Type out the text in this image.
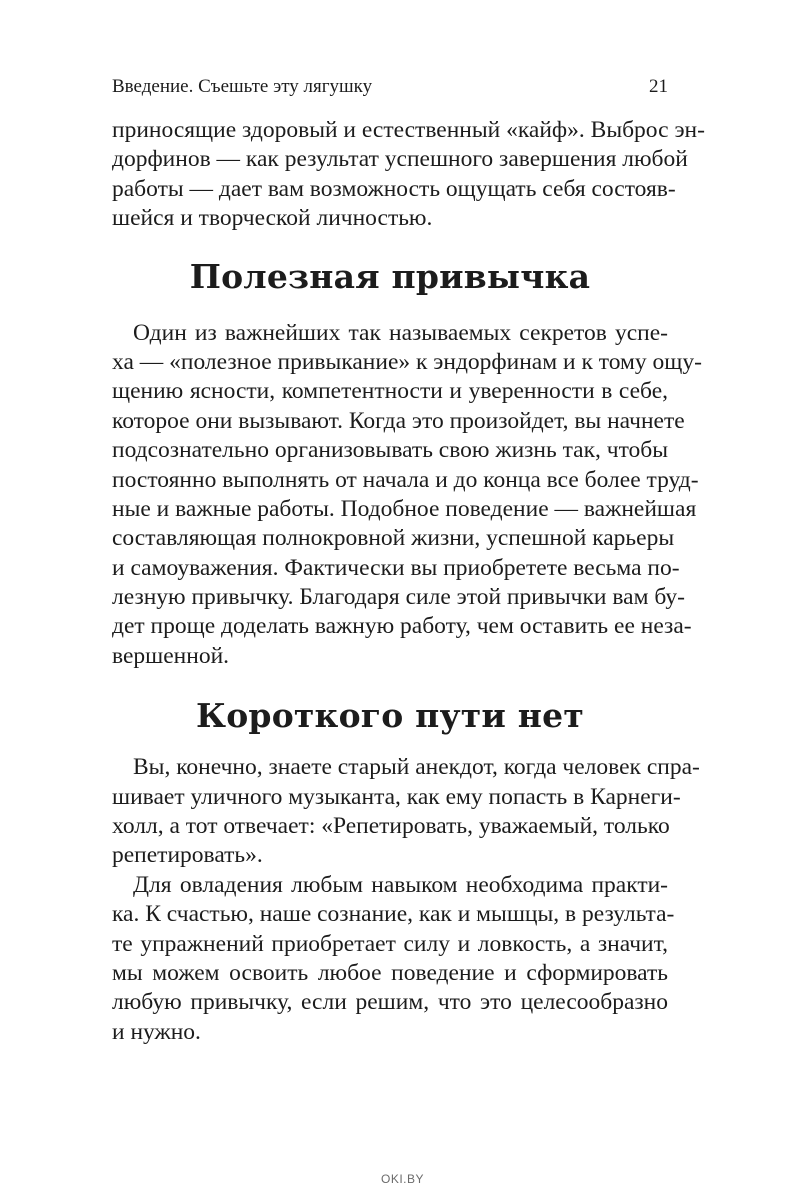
Введение. Съешьте эту лягушку	21
приносящие здоровый и естественный «кайф». Выброс эн-
дорфинов — как результат успешного завершения любой
работы — дает вам возможность ощущать себя состояв-
шейся и творческой личностью.
Полезная привычка
Один из важнейших так называемых секретов успе-
ха — «полезное привыкание» к эндорфинам и к тому ощу-
щению ясности, компетентности и уверенности в себе,
которое они вызывают. Когда это произойдет, вы начнете
подсознательно организовывать свою жизнь так, чтобы
постоянно выполнять от начала и до конца все более труд-
ные и важные работы. Подобное поведение — важнейшая
составляющая полнокровной жизни, успешной карьеры
и самоуважения. Фактически вы приобретете весьма по-
лезную привычку. Благодаря силе этой привычки вам бу-
дет проще доделать важную работу, чем оставить ее неза-
вершенной.
Короткого пути нет
Вы, конечно, знаете старый анекдот, когда человек спра-
шивает уличного музыканта, как ему попасть в Карнеги-
холл, а тот отвечает: «Репетировать, уважаемый, только
репетировать».
Для овладения любым навыком необходима практи-
ка. К счастью, наше сознание, как и мышцы, в результа-
те упражнений приобретает силу и ловкость, а значит,
мы можем освоить любое поведение и сформировать
любую привычку, если решим, что это целесообразно
и нужно.
OKI.BY
